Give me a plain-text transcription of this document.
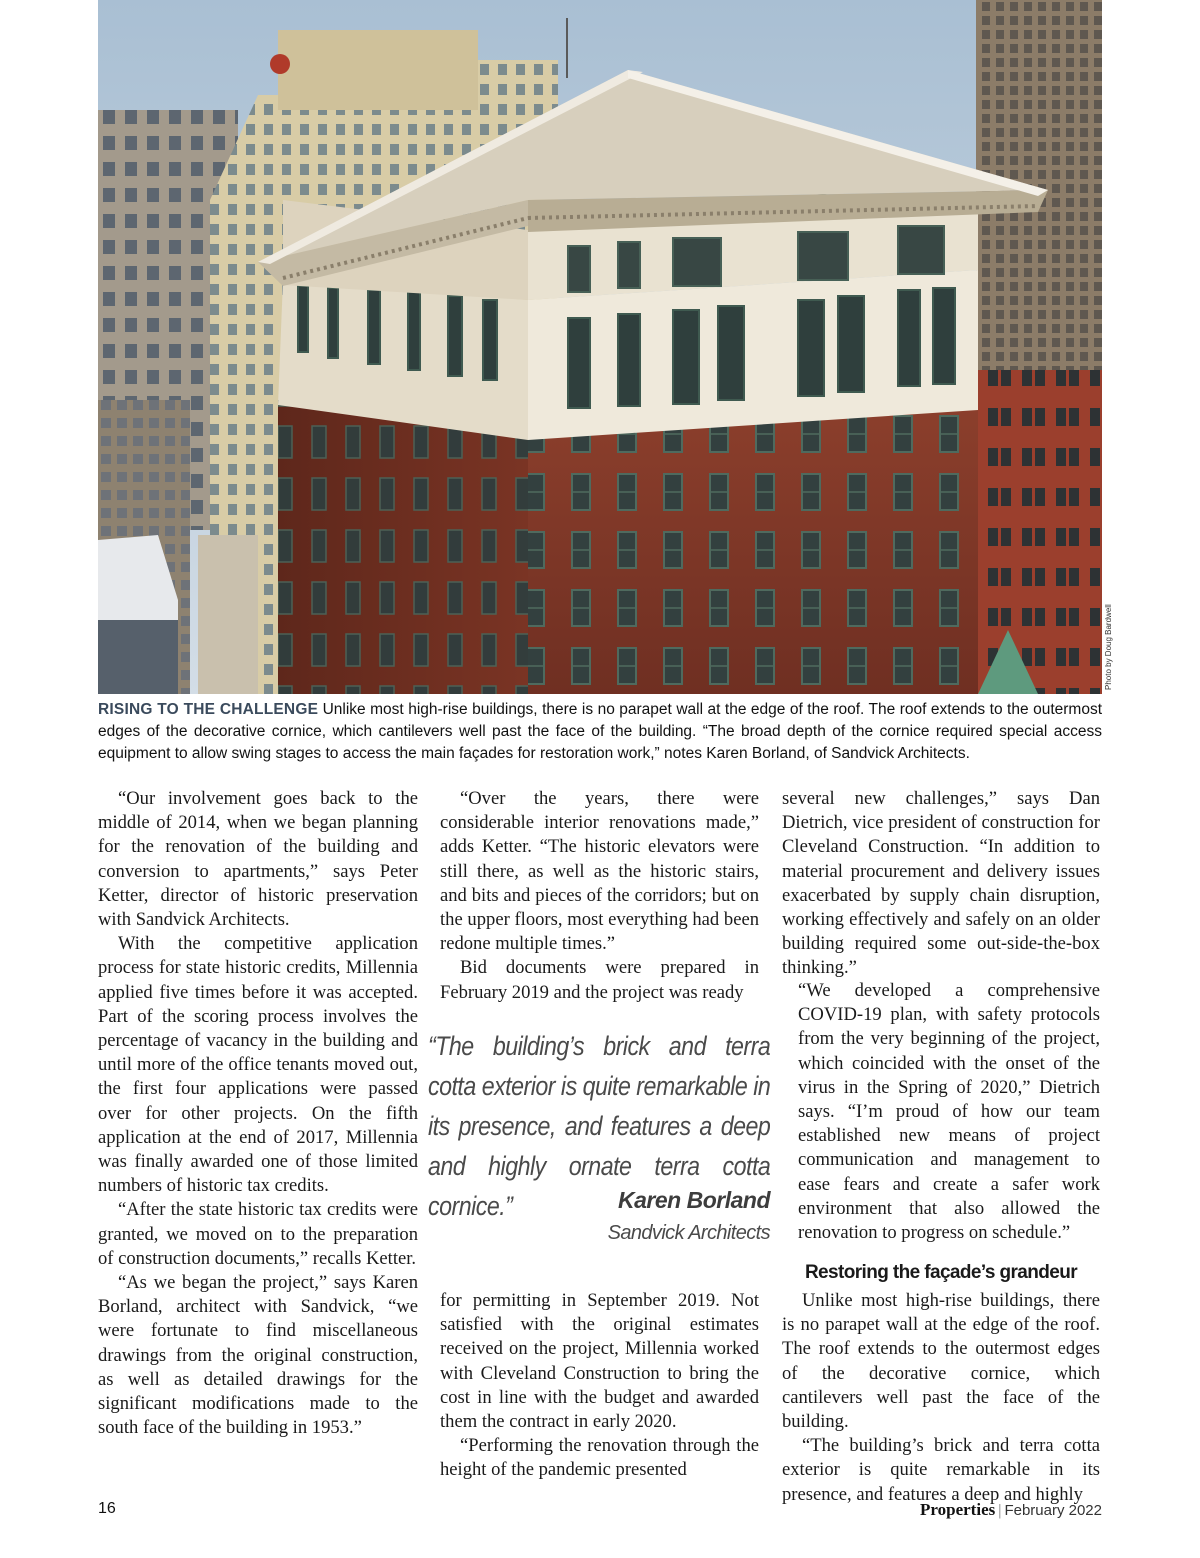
Photo by Doug Bardwell
RISING TO THE CHALLENGE Unlike most high-rise buildings, there is no parapet wall at the edge of the roof. The roof extends to the outermost edges of the decorative cornice, which cantilevers well past the face of the building. “The broad depth of the cornice required special access equipment to allow swing stages to access the main façades for restoration work,” notes Karen Borland, of Sandvick Architects.

“Our involvement goes back to the middle of 2014, when we began planning for the renovation of the building and conversion to apartments,” says Peter Ketter, director of historic preservation with Sandvick Architects.

With the competitive application process for state historic credits, Millennia applied five times before it was accepted. Part of the scoring process involves the percentage of vacancy in the building and until more of the office tenants moved out, the first four applications were passed over for other projects. On the fifth application at the end of 2017, Millennia was finally awarded one of those limited numbers of historic tax credits.

“After the state historic tax credits were granted, we moved on to the preparation of construction documents,” recalls Ketter.

“As we began the project,” says Karen Borland, architect with Sandvick, “we were fortunate to find miscellaneous drawings from the original construction, as well as detailed drawings for the significant modifications made to the south face of the building in 1953.”

“Over the years, there were considerable interior renovations made,” adds Ketter. “The historic elevators were still there, as well as the historic stairs, and bits and pieces of the corridors; but on the upper floors, most everything had been redone multiple times.”

Bid documents were prepared in February 2019 and the project was ready

“The building’s brick and terra cotta exterior is quite remarkable in its presence, and features a deep and highly ornate terra cotta cornice.”	Karen Borland
Sandvick Architects

for permitting in September 2019. Not satisfied with the original estimates received on the project, Millennia worked with Cleveland Construction to bring the cost in line with the budget and awarded them the contract in early 2020.

“Performing the renovation through the height of the pandemic presented

several new challenges,” says Dan Dietrich, vice president of construction for Cleveland Construction. “In addition to material procurement and delivery issues exacerbated by supply chain disruption, working effectively and safely on an older building required some out-side-the-box thinking.”

“We developed a comprehensive COVID-19 plan, with safety protocols from the very beginning of the project, which coincided with the onset of the virus in the Spring of 2020,” Dietrich says. “I’m proud of how our team established new means of project communication and management to ease fears and create a safer work environment that also allowed the renovation to progress on schedule.”

Restoring the façade’s grandeur

Unlike most high-rise buildings, there is no parapet wall at the edge of the roof. The roof extends to the outermost edges of the decorative cornice, which cantilevers well past the face of the building.

“The building’s brick and terra cotta exterior is quite remarkable in its presence, and features a deep and highly

16	Properties | February 2022
